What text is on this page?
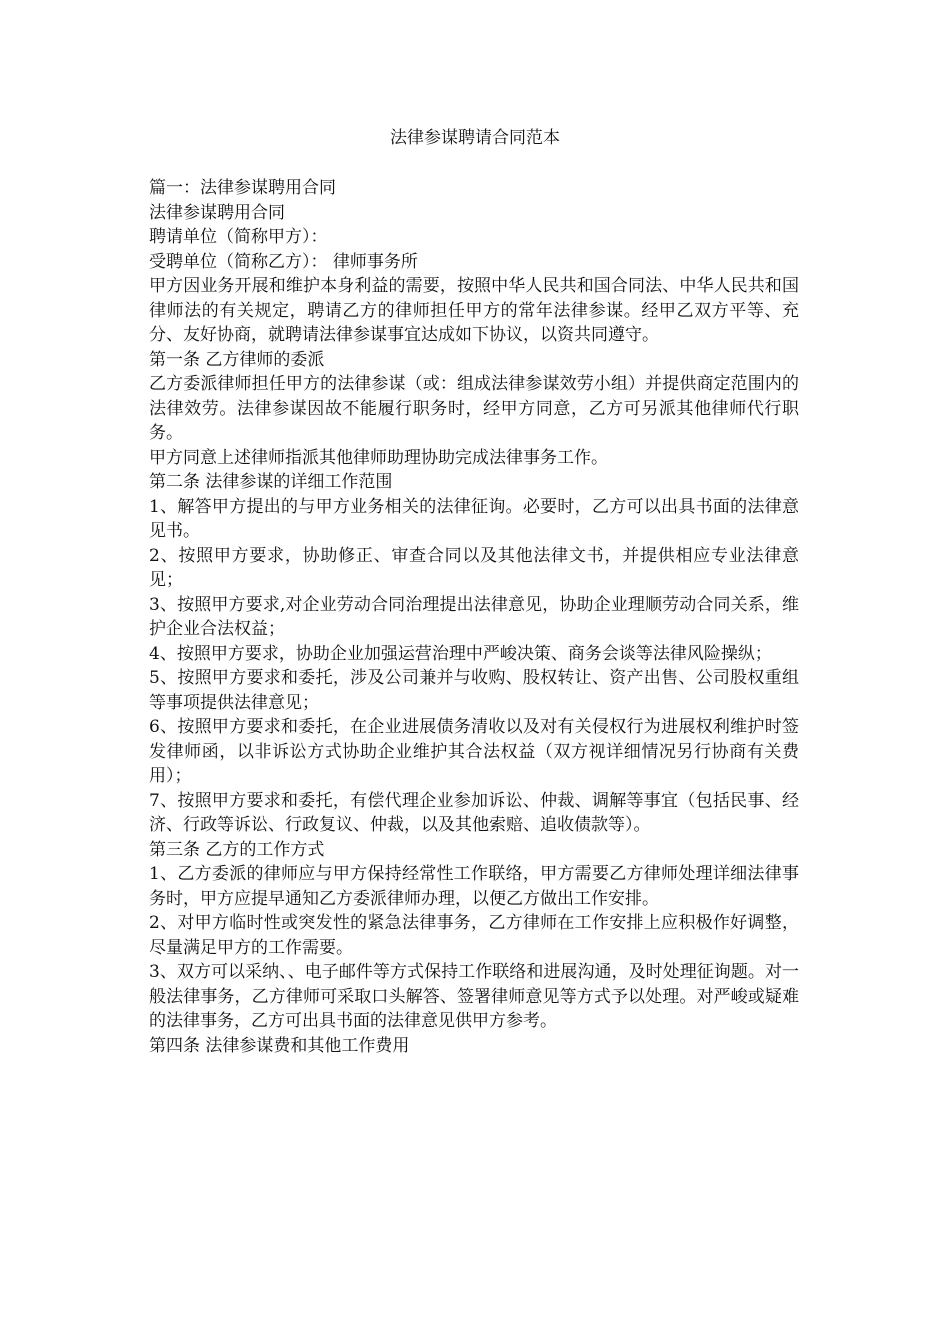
法律参谋聘请合同范本

篇一：法律参谋聘用合同

法律参谋聘用合同

聘请单位（简称甲方）：

受聘单位（简称乙方）： 律师事务所

甲方因业务开展和维护本身利益的需要，按照中华人民共和国合同法、中华人民共和国律师法的有关规定，聘请乙方的律师担任甲方的常年法律参谋。经甲乙双方平等、充分、友好协商，就聘请法律参谋事宜达成如下协议，以资共同遵守。

第一条 乙方律师的委派

乙方委派律师担任甲方的法律参谋（或：组成法律参谋效劳小组）并提供商定范围内的法律效劳。法律参谋因故不能履行职务时，经甲方同意，乙方可另派其他律师代行职务。

甲方同意上述律师指派其他律师助理协助完成法律事务工作。

第二条 法律参谋的详细工作范围

1、解答甲方提出的与甲方业务相关的法律征询。必要时，乙方可以出具书面的法律意见书。

2、按照甲方要求，协助修正、审查合同以及其他法律文书，并提供相应专业法律意见；

3、按照甲方要求,对企业劳动合同治理提出法律意见，协助企业理顺劳动合同关系，维护企业合法权益；

4、按照甲方要求，协助企业加强运营治理中严峻决策、商务会谈等法律风险操纵；

5、按照甲方要求和委托，涉及公司兼并与收购、股权转让、资产出售、公司股权重组等事项提供法律意见；

6、按照甲方要求和委托，在企业进展债务清收以及对有关侵权行为进展权利维护时签发律师函，以非诉讼方式协助企业维护其合法权益（双方视详细情况另行协商有关费用）；

7、按照甲方要求和委托，有偿代理企业参加诉讼、仲裁、调解等事宜（包括民事、经济、行政等诉讼、行政复议、仲裁，以及其他索赔、追收债款等）。

第三条 乙方的工作方式

1、乙方委派的律师应与甲方保持经常性工作联络，甲方需要乙方律师处理详细法律事务时，甲方应提早通知乙方委派律师办理，以便乙方做出工作安排。

2、对甲方临时性或突发性的紧急法律事务，乙方律师在工作安排上应积极作好调整，尽量满足甲方的工作需要。

3、双方可以采纳、、电子邮件等方式保持工作联络和进展沟通，及时处理征询题。对一般法律事务，乙方律师可采取口头解答、签署律师意见等方式予以处理。对严峻或疑难的法律事务，乙方可出具书面的法律意见供甲方参考。

第四条 法律参谋费和其他工作费用
